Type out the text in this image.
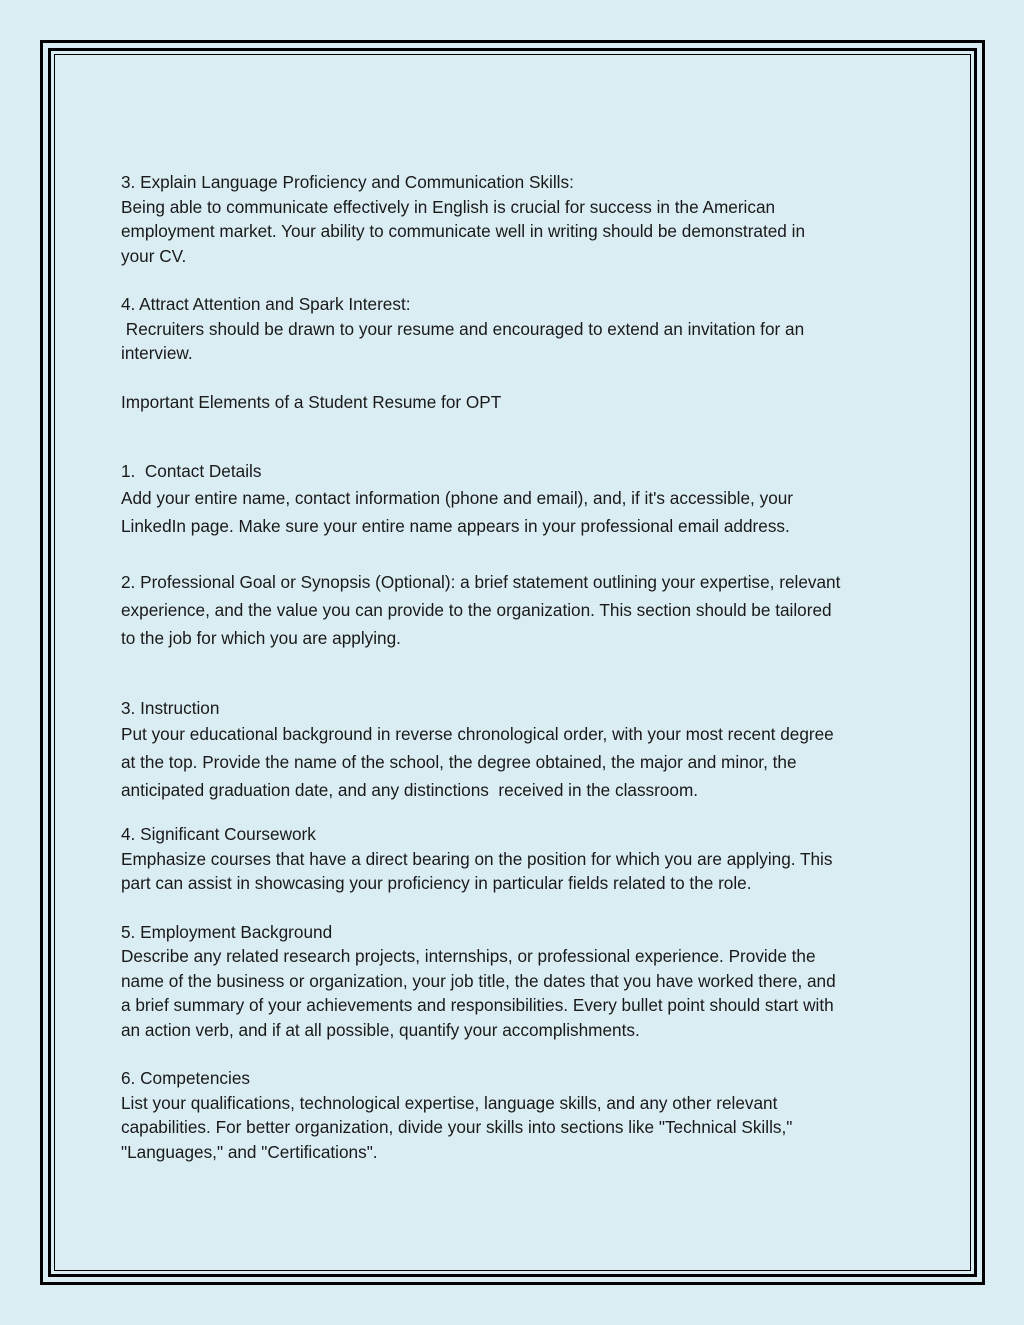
3. Explain Language Proficiency and Communication Skills:
Being able to communicate effectively in English is crucial for success in the American
employment market. Your ability to communicate well in writing should be demonstrated in
your CV.
4. Attract Attention and Spark Interest:
Recruiters should be drawn to your resume and encouraged to extend an invitation for an
interview.
Important Elements of a Student Resume for OPT
1.  Contact Details
Add your entire name, contact information (phone and email), and, if it's accessible, your
LinkedIn page. Make sure your entire name appears in your professional email address.
2. Professional Goal or Synopsis (Optional): a brief statement outlining your expertise, relevant
experience, and the value you can provide to the organization. This section should be tailored
to the job for which you are applying.
3. Instruction
Put your educational background in reverse chronological order, with your most recent degree
at the top. Provide the name of the school, the degree obtained, the major and minor, the
anticipated graduation date, and any distinctions  received in the classroom.
4. Significant Coursework
Emphasize courses that have a direct bearing on the position for which you are applying. This
part can assist in showcasing your proficiency in particular fields related to the role.
5. Employment Background
Describe any related research projects, internships, or professional experience. Provide the
name of the business or organization, your job title, the dates that you have worked there, and
a brief summary of your achievements and responsibilities. Every bullet point should start with
an action verb, and if at all possible, quantify your accomplishments.
6. Competencies
List your qualifications, technological expertise, language skills, and any other relevant
capabilities. For better organization, divide your skills into sections like "Technical Skills,"
"Languages," and "Certifications".
